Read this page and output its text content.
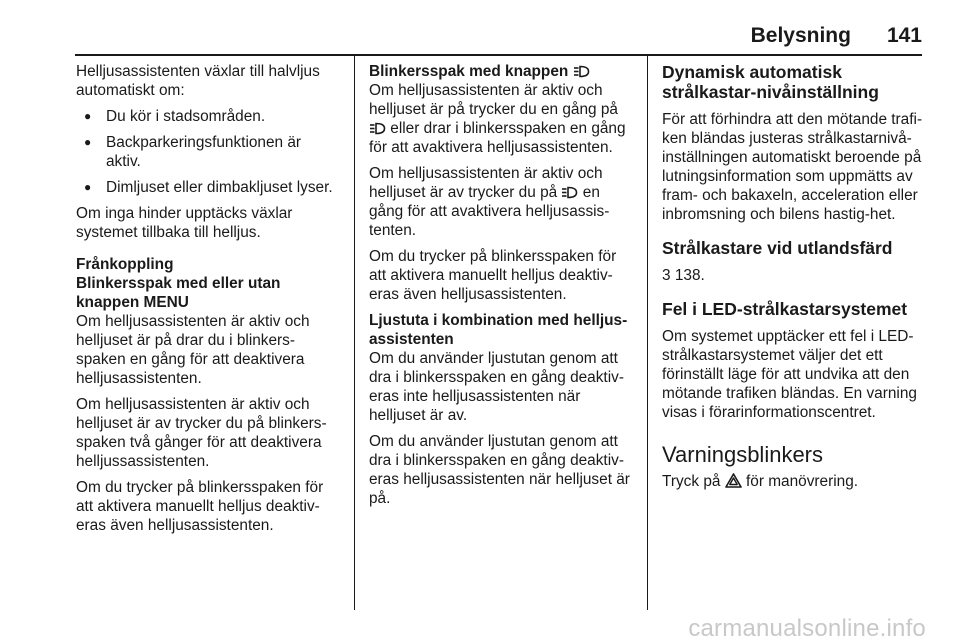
Belysning 141

Helljusassistenten växlar till halvljus automatiskt om:

● Du kör i stadsområden.
● Backparkeringsfunktionen är aktiv.
● Dimljuset eller dimbakljuset lyser.

Om inga hinder upptäcks växlar systemet tillbaka till helljus.

Frånkoppling
Blinkersspak med eller utan knappen MENU

Om helljusassistenten är aktiv och helljuset är på drar du i blinkers-spaken en gång för att deaktivera helljusassistenten.

Om helljusassistenten är aktiv och helljuset är av trycker du på blinkers-spaken två gånger för att deaktivera helljussassistenten.

Om du trycker på blinkersspaken för att aktivera manuellt helljus deaktiv-eras även helljusassistenten.

Blinkersspak med knappen

Om helljusassistenten är aktiv och helljuset är på trycker du en gång på  eller drar i blinkersspaken en gång för att avaktivera helljusassistenten.

Om helljusassistenten är aktiv och helljuset är av trycker du på en gång för att avaktivera helljusassis-tenten.

Om du trycker på blinkersspaken för att aktivera manuellt helljus deaktiv-eras även helljusassistenten.

Ljustuta i kombination med helljus-assistenten

Om du använder ljustutan genom att dra i blinkersspaken en gång deaktiv-eras inte helljusassistenten när helljuset är av.

Om du använder ljustutan genom att dra i blinkersspaken en gång deaktiv-eras helljusassistenten när helljuset är på.

Dynamisk automatisk strålkastar-nivåinställning

För att förhindra att den mötande trafi-ken bländas justeras strålkastarnivå-inställningen automatiskt beroende på lutningsinformation som uppmätts av fram- och bakaxeln, acceleration eller inbromsning och bilens hastig-het.

Strålkastare vid utlandsfärd

3 138.

Fel i LED-strålkastarsystemet

Om systemet upptäcker ett fel i LED-strålkastarsystemet väljer det ett förinställt läge för att undvika att den mötande trafiken bländas. En varning visas i förarinformationscentret.

Varningsblinkers

Tryck på för manövrering.

carmanualsonline.info
